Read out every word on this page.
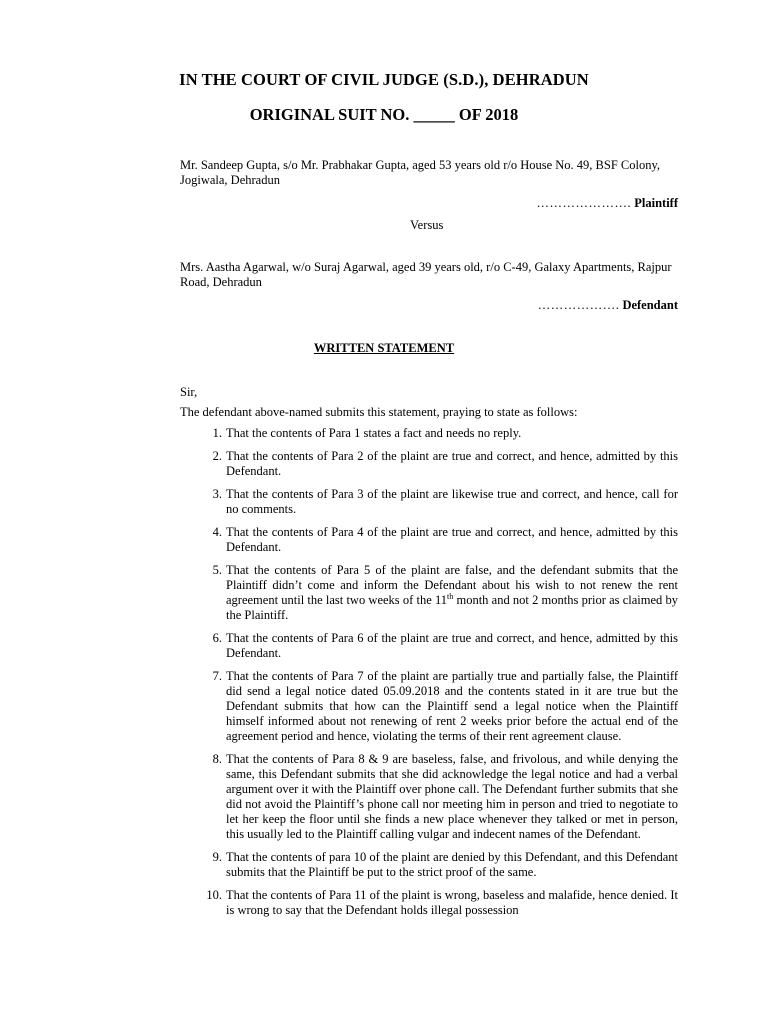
IN THE COURT OF CIVIL JUDGE (S.D.), DEHRADUN
ORIGINAL SUIT NO. _____ OF 2018
Mr. Sandeep Gupta, s/o Mr. Prabhakar Gupta, aged 53 years old r/o House No. 49, BSF Colony, Jogiwala, Dehradun
…………………. Plaintiff
Versus
Mrs. Aastha Agarwal, w/o Suraj Agarwal, aged 39 years old, r/o C-49, Galaxy Apartments, Rajpur Road, Dehradun
………………. Defendant
WRITTEN STATEMENT
Sir,
The defendant above-named submits this statement, praying to state as follows:
1. That the contents of Para 1 states a fact and needs no reply.
2. That the contents of Para 2 of the plaint are true and correct, and hence, admitted by this Defendant.
3. That the contents of Para 3 of the plaint are likewise true and correct, and hence, call for no comments.
4. That the contents of Para 4 of the plaint are true and correct, and hence, admitted by this Defendant.
5. That the contents of Para 5 of the plaint are false, and the defendant submits that the Plaintiff didn’t come and inform the Defendant about his wish to not renew the rent agreement until the last two weeks of the 11th month and not 2 months prior as claimed by the Plaintiff.
6. That the contents of Para 6 of the plaint are true and correct, and hence, admitted by this Defendant.
7. That the contents of Para 7 of the plaint are partially true and partially false, the Plaintiff did send a legal notice dated 05.09.2018 and the contents stated in it are true but the Defendant submits that how can the Plaintiff send a legal notice when the Plaintiff himself informed about not renewing of rent 2 weeks prior before the actual end of the agreement period and hence, violating the terms of their rent agreement clause.
8. That the contents of Para 8 & 9 are baseless, false, and frivolous, and while denying the same, this Defendant submits that she did acknowledge the legal notice and had a verbal argument over it with the Plaintiff over phone call. The Defendant further submits that she did not avoid the Plaintiff’s phone call nor meeting him in person and tried to negotiate to let her keep the floor until she finds a new place whenever they talked or met in person, this usually led to the Plaintiff calling vulgar and indecent names of the Defendant.
9. That the contents of para 10 of the plaint are denied by this Defendant, and this Defendant submits that the Plaintiff be put to the strict proof of the same.
10. That the contents of Para 11 of the plaint is wrong, baseless and malafide, hence denied. It is wrong to say that the Defendant holds illegal possession
